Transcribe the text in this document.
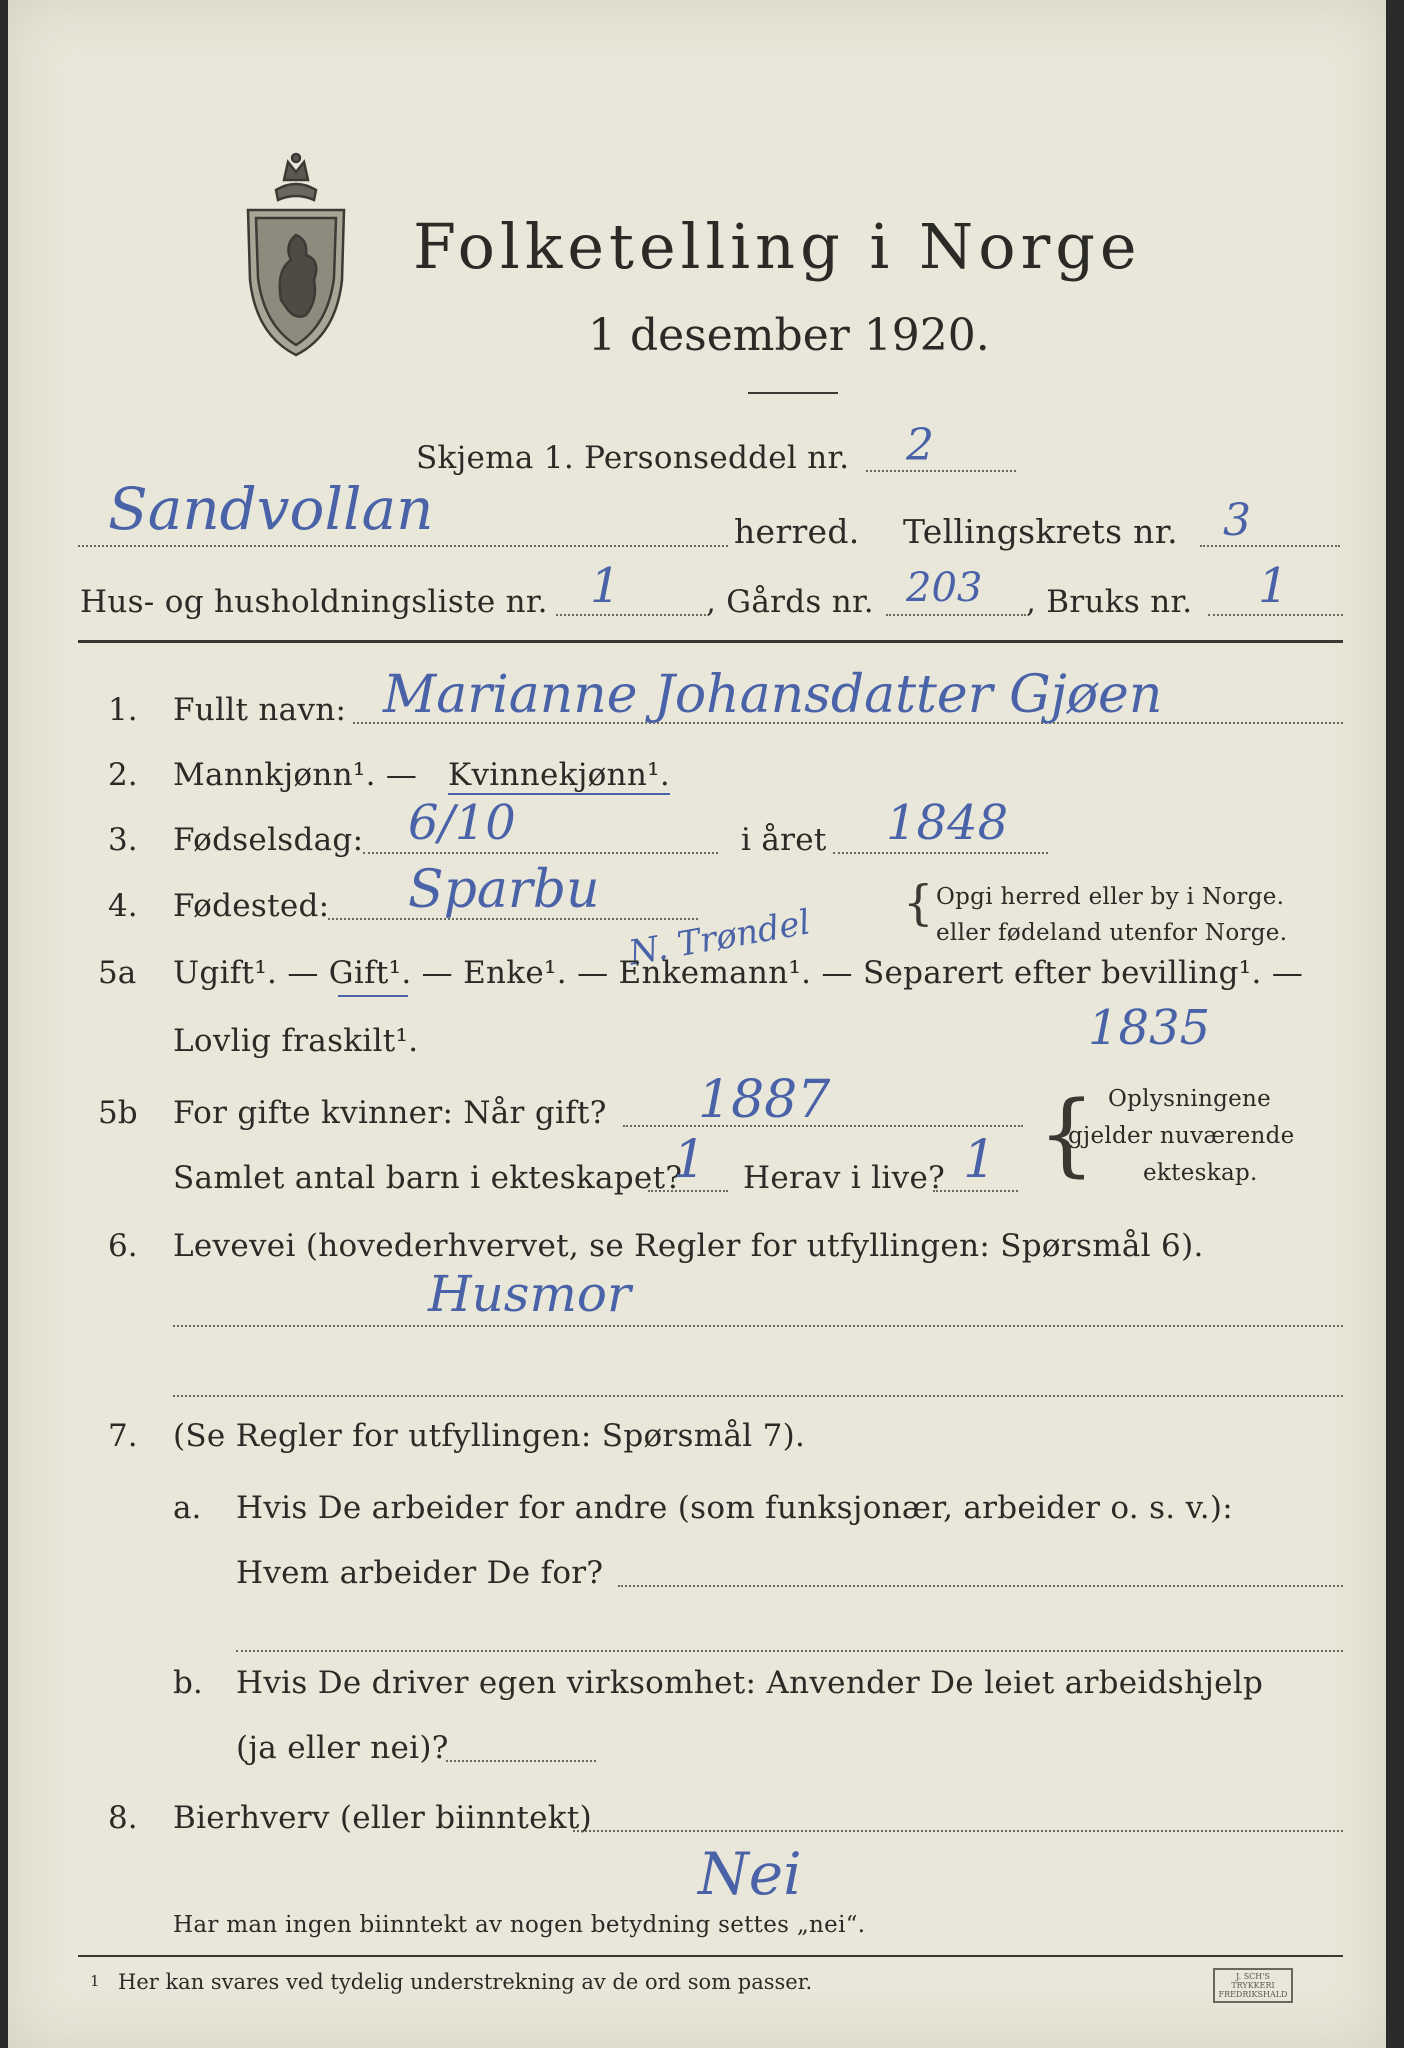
Folketelling i Norge
1 desember 1920.
Skjema 1. Personseddel nr. 2
Sandvollan	herred. Tellingskrets nr. 3
Hus- og husholdningsliste nr. 1	, Gårds nr. 203 , Bruks nr. 1
1. Fullt navn: Marianne Johansdatter Gjøen
2. Mannkjønn¹. — Kvinnekjønn¹.
3. Fødselsdag: 6/10	i året 1848
4. Fødested: Sparbu
N. Trøndel { Opgi herred eller by i Norge.
eller fødeland utenfor Norge.
5a Ugift¹. — Gift¹. — Enke¹. — Enkemann¹. — Separert efter bevilling¹. —
1835
Lovlig fraskilt¹.
5b For gifte kvinner: Når gift? 1887
Samlet antal barn i ekteskapet?
1 Herav i live? 1 { Oplysningene
gjelder nuværende
ekteskap.
6. Levevei (hovederhvervet, se Regler for utfyllingen: Spørsmål 6).
Husmor
7. (Se Regler for utfyllingen: Spørsmål 7).
a. Hvis De arbeider for andre (som funksjonær, arbeider o. s. v.):
Hvem arbeider De for?
b. Hvis De driver egen virksomhet: Anvender De leiet arbeidshjelp
(ja eller nei)?
8. Bierhverv (eller biinntekt)
Nei
Har man ingen biinntekt av nogen betydning settes „nei“.
1 Her kan svares ved tydelig understrekning av de ord som passer.	J. SCH'S TRYKKERI
FREDRIKSHALD
